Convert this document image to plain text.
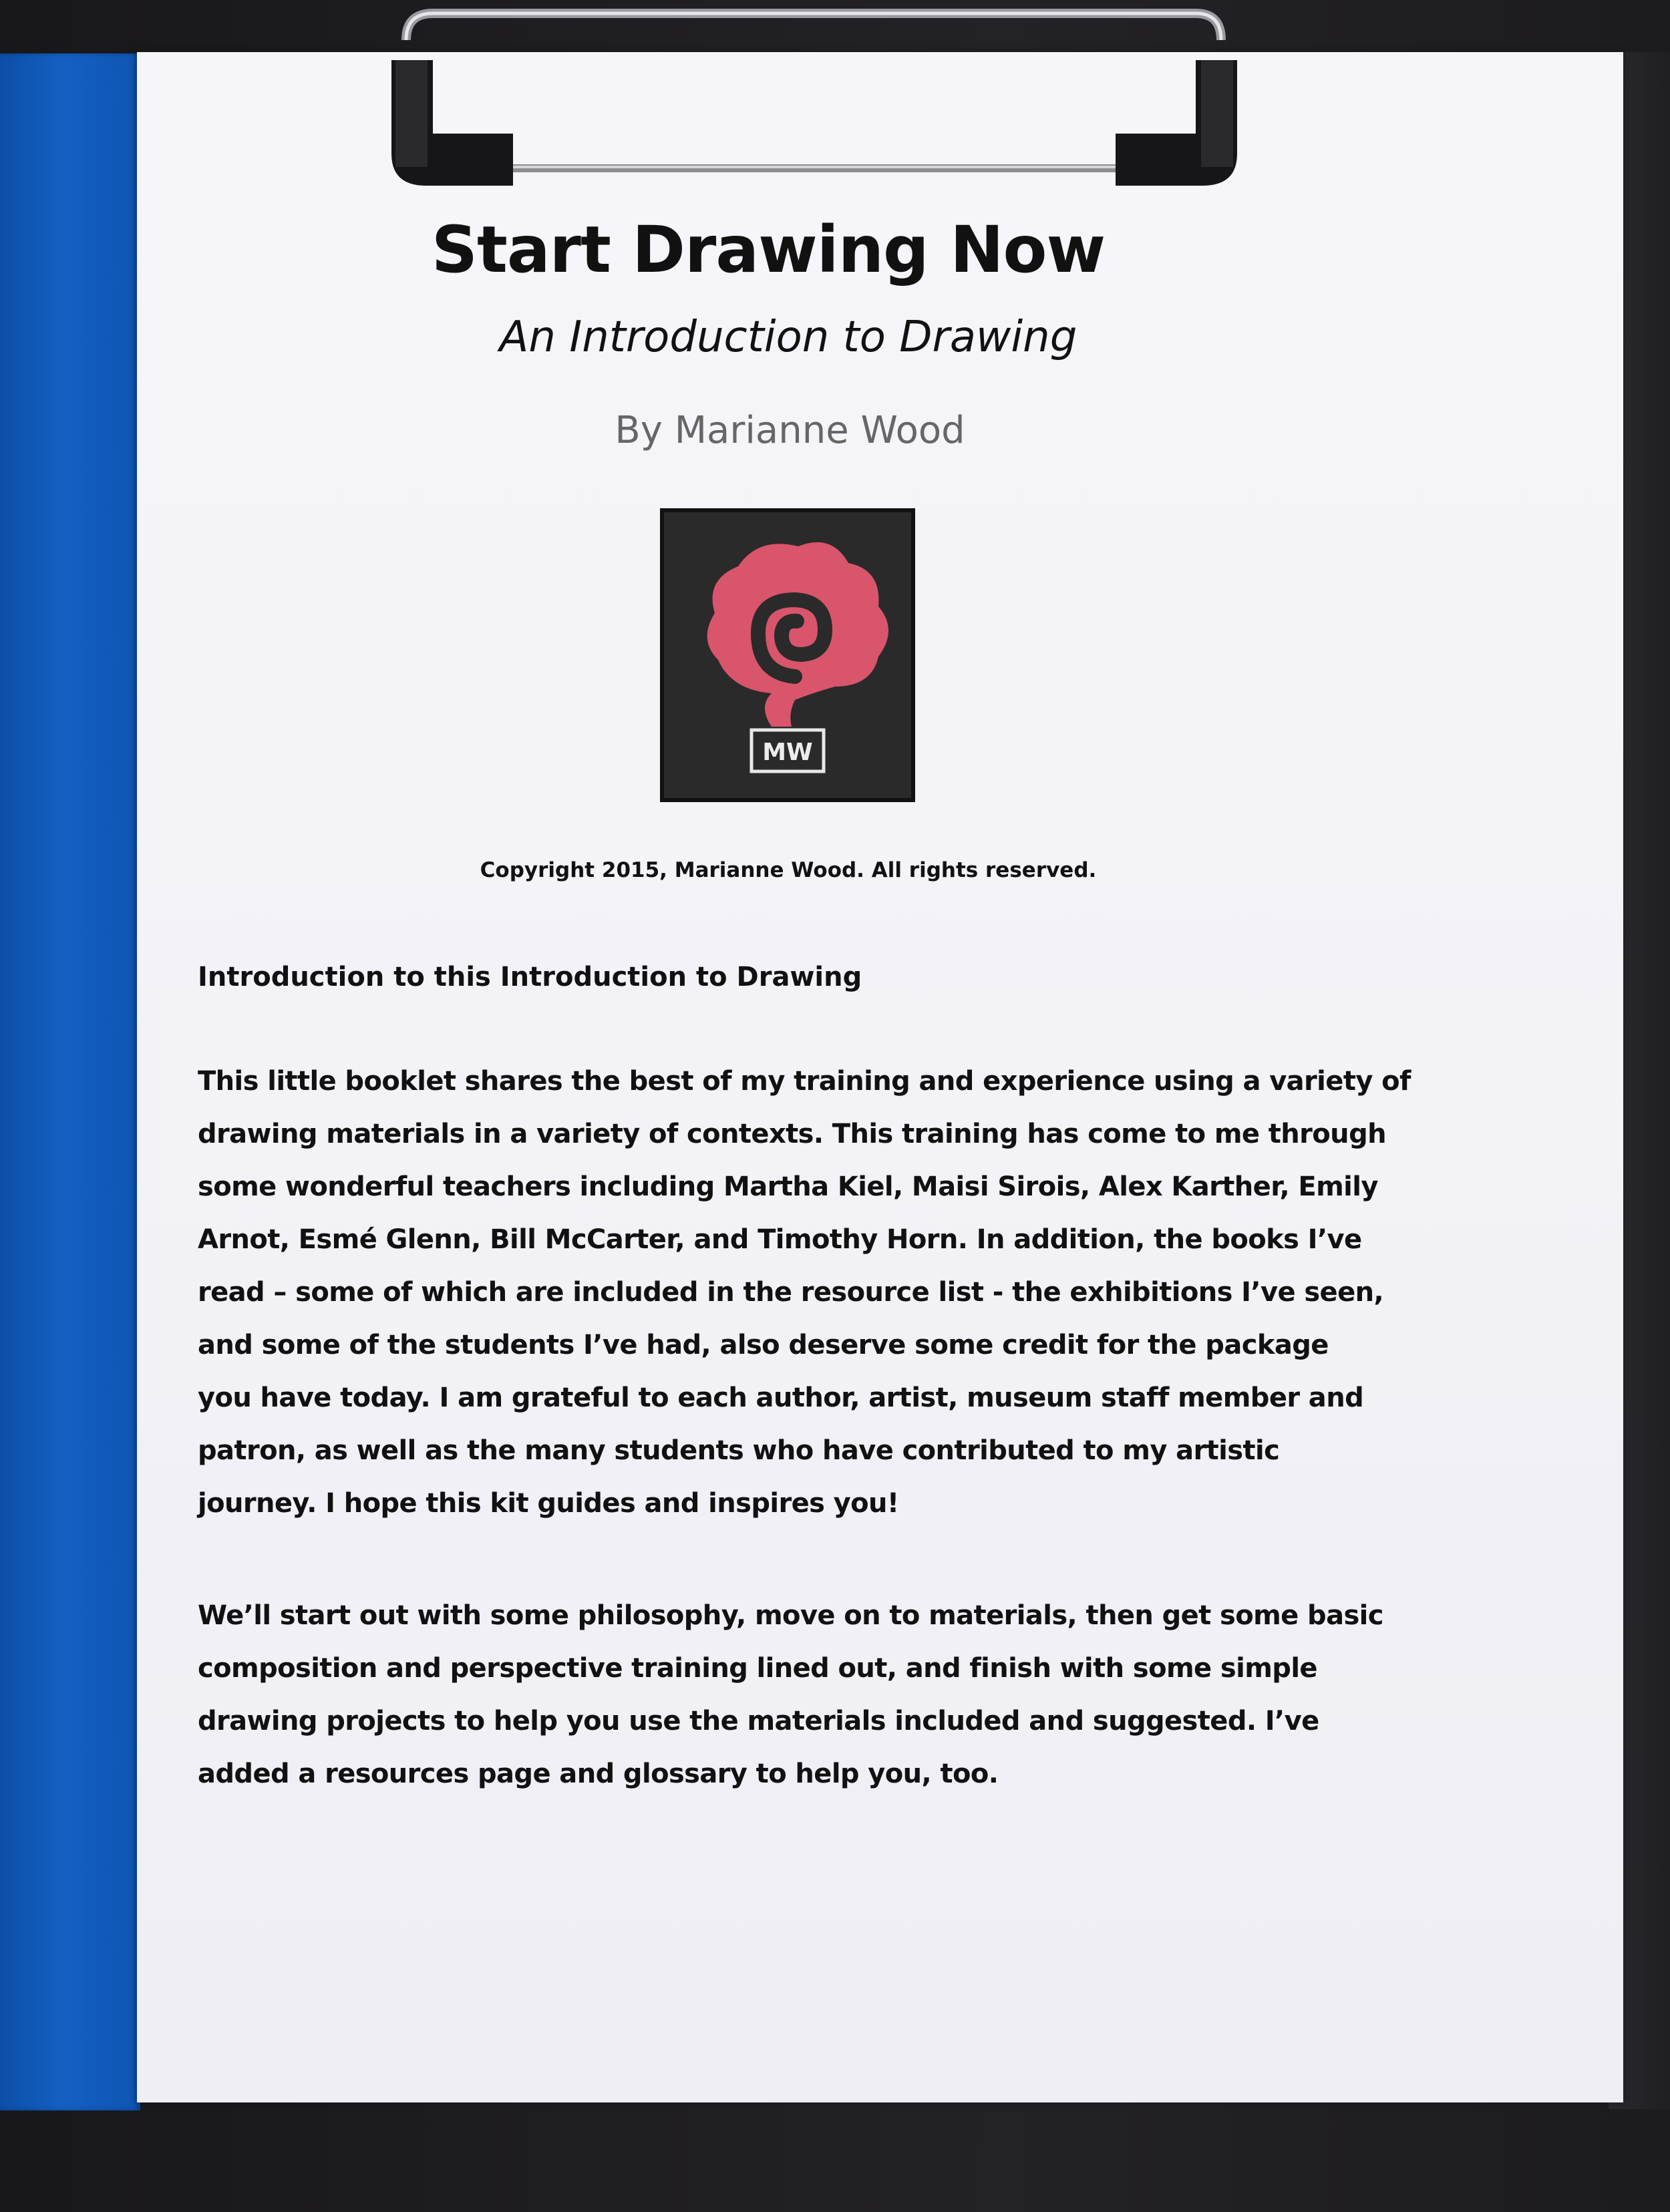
Start Drawing Now
An Introduction to Drawing
By Marianne Wood
MW
Copyright 2015, Marianne Wood. All rights reserved.
Introduction to this Introduction to Drawing
This little booklet shares the best of my training and experience using a variety of
drawing materials in a variety of contexts. This training has come to me through
some wonderful teachers including Martha Kiel, Maisi Sirois, Alex Karther, Emily
Arnot, Esmé Glenn, Bill McCarter, and Timothy Horn. In addition, the books I’ve
read – some of which are included in the resource list - the exhibitions I’ve seen,
and some of the students I’ve had, also deserve some credit for the package
you have today. I am grateful to each author, artist, museum staff member and
patron, as well as the many students who have contributed to my artistic
journey. I hope this kit guides and inspires you!
We’ll start out with some philosophy, move on to materials, then get some basic
composition and perspective training lined out, and finish with some simple
drawing projects to help you use the materials included and suggested. I’ve
added a resources page and glossary to help you, too.
